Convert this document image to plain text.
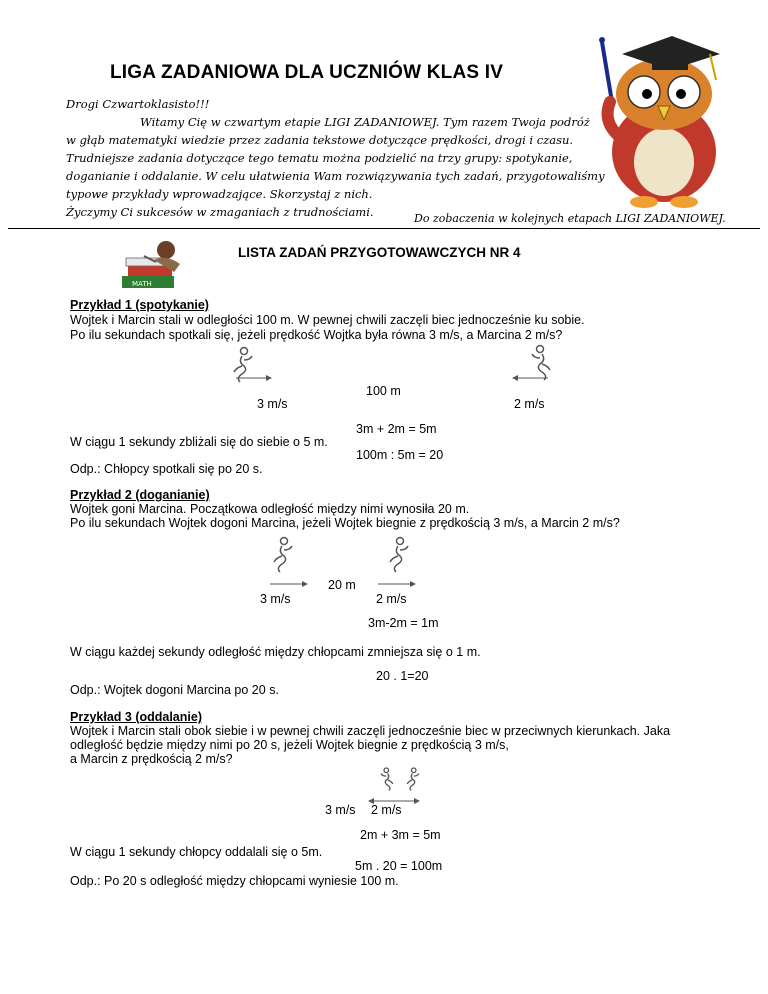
LIGA ZADANIOWA DLA UCZNIÓW KLAS IV
Drogi Czwartoklasisto!!!
Witamy Cię w czwartym etapie LIGI ZADANIOWEJ. Tym razem Twoja podróż
w głąb matematyki wiedzie przez zadania tekstowe dotyczące prędkości, drogi i czasu.
Trudniejsze zadania dotyczące tego tematu można podzielić na trzy grupy: spotykanie,
doganianie i oddalanie. W celu ułatwienia Wam rozwiązywania tych zadań, przygotowaliśmy
typowe przykłady wprowadzające. Skorzystaj z nich.
Życzymy Ci sukcesów w zmaganiach z trudnościami.	Do zobaczenia w kolejnych etapach LIGI ZADANIOWEJ.
MATH
LISTA ZADAŃ PRZYGOTOWAWCZYCH NR 4
Przykład 1 (spotykanie)
Wojtek i Marcin stali w odległości 100 m. W pewnej chwili zaczęli biec jednocześnie ku sobie.
Po ilu sekundach spotkali się, jeżeli prędkość Wojtka była równa 3 m/s, a Marcina 2 m/s?
100 m
3 m/s	2 m/s
3m + 2m = 5m
W ciągu 1 sekundy zbliżali się do siebie o 5 m.
100m : 5m = 20
Odp.: Chłopcy spotkali się po 20 s.
Przykład 2 (doganianie)
Wojtek goni Marcina. Początkowa odległość między nimi wynosiła 20 m.
Po ilu sekundach Wojtek dogoni Marcina, jeżeli Wojtek biegnie z prędkością 3 m/s, a Marcin 2 m/s?
20 m
3 m/s	2 m/s
3m-2m = 1m
W ciągu każdej sekundy odległość między chłopcami zmniejsza się o 1 m.
20 . 1=20
Odp.: Wojtek dogoni Marcina po 20 s.
Przykład 3 (oddalanie)
Wojtek i Marcin stali obok siebie i w pewnej chwili zaczęli jednocześnie biec w przeciwnych kierunkach. Jaka
odległość będzie między nimi po 20 s, jeżeli Wojtek biegnie z prędkością 3 m/s,
a Marcin z prędkością 2 m/s?
3 m/s 2 m/s
2m + 3m = 5m
W ciągu 1 sekundy chłopcy oddalali się o 5m.
5m . 20 = 100m
Odp.: Po 20 s odległość między chłopcami wyniesie 100 m.
